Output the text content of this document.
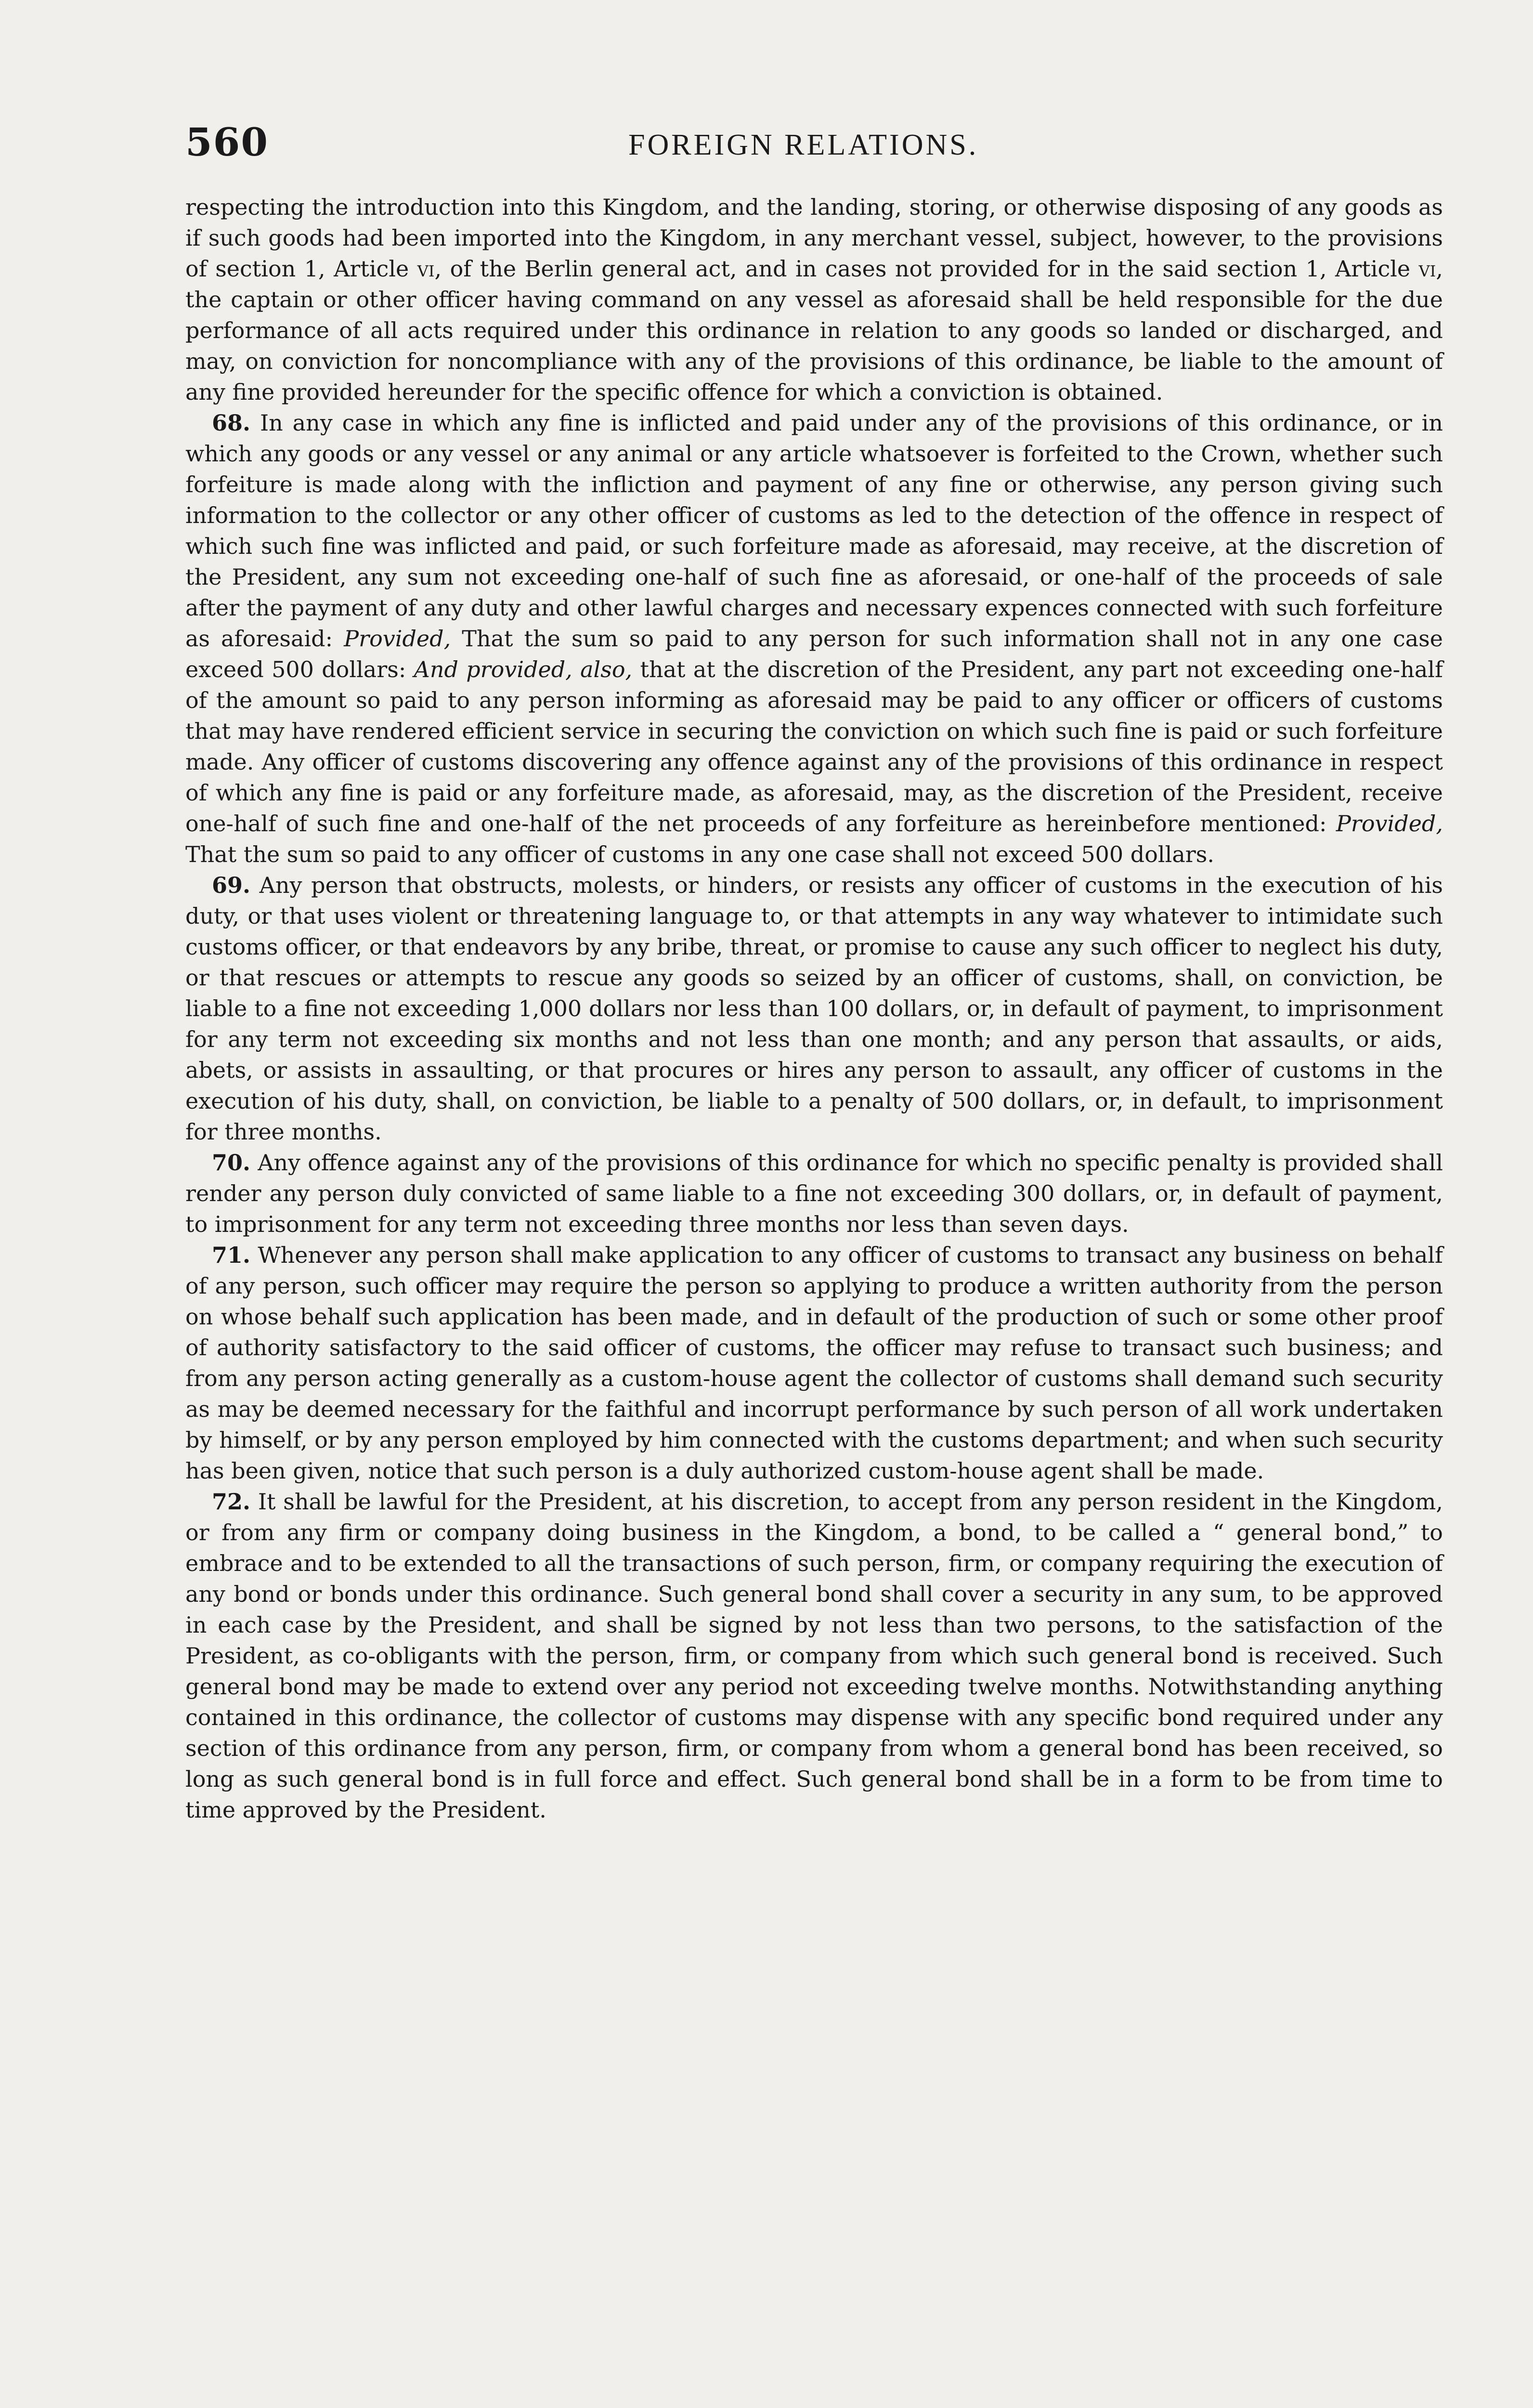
560	FOREIGN RELATIONS.

respecting the introduction into this Kingdom, and the landing, storing, or otherwise disposing of any goods as if such goods had been imported into the Kingdom, in any merchant vessel, subject, however, to the provisions of section 1, Article vi, of the Berlin general act, and in cases not provided for in the said section 1, Article vi, the captain or other officer having command on any vessel as aforesaid shall be held responsible for the due performance of all acts required under this ordinance in relation to any goods so landed or discharged, and may, on conviction for noncompliance with any of the provisions of this ordinance, be liable to the amount of any fine provided hereunder for the specific offence for which a conviction is obtained.

68. In any case in which any fine is inflicted and paid under any of the provisions of this ordinance, or in which any goods or any vessel or any animal or any article whatsoever is forfeited to the Crown, whether such forfeiture is made along with the infliction and payment of any fine or otherwise, any person giving such information to the collector or any other officer of customs as led to the detection of the offence in respect of which such fine was inflicted and paid, or such forfeiture made as aforesaid, may receive, at the discretion of the President, any sum not exceeding one-half of such fine as aforesaid, or one-half of the proceeds of sale after the payment of any duty and other lawful charges and necessary expences connected with such forfeiture as aforesaid: Provided, That the sum so paid to any person for such information shall not in any one case exceed 500 dollars: And provided, also, that at the discretion of the President, any part not exceeding one-half of the amount so paid to any person informing as aforesaid may be paid to any officer or officers of customs that may have rendered efficient service in securing the conviction on which such fine is paid or such forfeiture made. Any officer of customs discovering any offence against any of the provisions of this ordinance in respect of which any fine is paid or any forfeiture made, as aforesaid, may, as the discretion of the President, receive one-half of such fine and one-half of the net proceeds of any forfeiture as hereinbefore mentioned: Provided, That the sum so paid to any officer of customs in any one case shall not exceed 500 dollars.

69. Any person that obstructs, molests, or hinders, or resists any officer of customs in the execution of his duty, or that uses violent or threatening language to, or that attempts in any way whatever to intimidate such customs officer, or that endeavors by any bribe, threat, or promise to cause any such officer to neglect his duty, or that rescues or attempts to rescue any goods so seized by an officer of customs, shall, on conviction, be liable to a fine not exceeding 1,000 dollars nor less than 100 dollars, or, in default of payment, to imprisonment for any term not exceeding six months and not less than one month; and any person that assaults, or aids, abets, or assists in assaulting, or that procures or hires any person to assault, any officer of customs in the execution of his duty, shall, on conviction, be liable to a penalty of 500 dollars, or, in default, to imprisonment for three months.

70. Any offence against any of the provisions of this ordinance for which no specific penalty is provided shall render any person duly convicted of same liable to a fine not exceeding 300 dollars, or, in default of payment, to imprisonment for any term not exceeding three months nor less than seven days.

71. Whenever any person shall make application to any officer of customs to transact any business on behalf of any person, such officer may require the person so applying to produce a written authority from the person on whose behalf such application has been made, and in default of the production of such or some other proof of authority satisfactory to the said officer of customs, the officer may refuse to transact such business; and from any person acting generally as a custom-house agent the collector of customs shall demand such security as may be deemed necessary for the faithful and incorrupt performance by such person of all work undertaken by himself, or by any person employed by him connected with the customs department; and when such security has been given, notice that such person is a duly authorized custom-house agent shall be made.

72. It shall be lawful for the President, at his discretion, to accept from any person resident in the Kingdom, or from any firm or company doing business in the Kingdom, a bond, to be called a “ general bond,” to embrace and to be extended to all the transactions of such person, firm, or company requiring the execution of any bond or bonds under this ordinance. Such general bond shall cover a security in any sum, to be approved in each case by the President, and shall be signed by not less than two persons, to the satisfaction of the President, as co-obligants with the person, firm, or company from which such general bond is received. Such general bond may be made to extend over any period not exceeding twelve months. Notwithstanding anything contained in this ordinance, the collector of customs may dispense with any specific bond required under any section of this ordinance from any person, firm, or company from whom a general bond has been received, so long as such general bond is in full force and effect. Such general bond shall be in a form to be from time to time approved by the President.
